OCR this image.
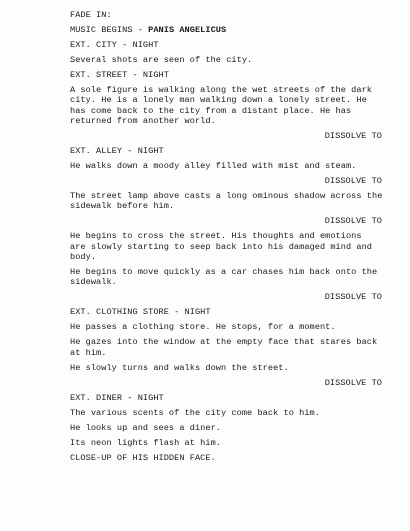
FADE IN:
MUSIC BEGINS - PANIS ANGELICUS
EXT. CITY - NIGHT
Several shots are seen of the city.
EXT. STREET - NIGHT
A sole figure is walking along the wet streets of the dark
city. He is a lonely man walking down a lonely street. He
has come back to the city from a distant place. He has
returned from another world.
DISSOLVE TO
EXT. ALLEY - NIGHT
He walks down a moody alley filled with mist and steam.
DISSOLVE TO
The street lamp above casts a long ominous shadow across the
sidewalk before him.
DISSOLVE TO
He begins to cross the street. His thoughts and emotions
are slowly starting to seep back into his damaged mind and
body.
He begins to move quickly as a car chases him back onto the
sidewalk.
DISSOLVE TO
EXT. CLOTHING STORE - NIGHT
He passes a clothing store. He stops, for a moment.
He gazes into the window at the empty face that stares back
at him.
He slowly turns and walks down the street.
DISSOLVE TO
EXT. DINER - NIGHT
The various scents of the city come back to him.
He looks up and sees a diner.
Its neon lights flash at him.
CLOSE-UP OF HIS HIDDEN FACE.
